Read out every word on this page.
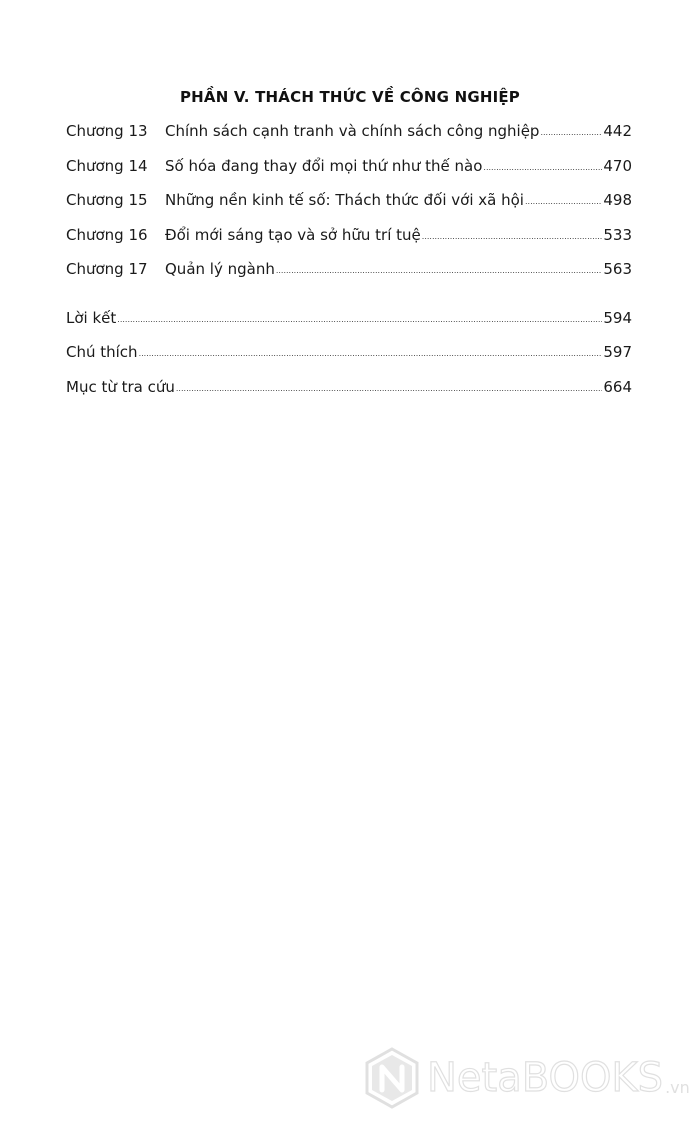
PHẦN V. THÁCH THỨC VỀ CÔNG NGHIỆP
Chương 13	Chính sách cạnh tranh và chính sách công nghiệp .....	442
Chương 14	Số hóa đang thay đổi mọi thứ như thế nào .....	470
Chương 15	Những nền kinh tế số: Thách thức đối với xã hội .....	498
Chương 16	Đổi mới sáng tạo và sở hữu trí tuệ .....	533
Chương 17	Quản lý ngành .....	563
Lời kết .....	594
Chú thích .....	597
Mục từ tra cứu .....	664
NetaBOOKS .vn
